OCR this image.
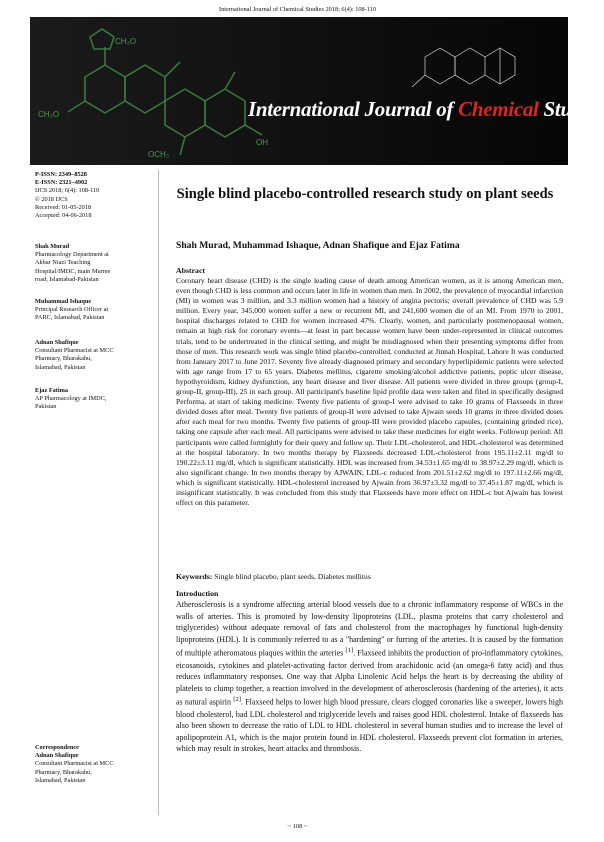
International Journal of Chemical Studies 2018; 6(4): 108-110
CH₃O
CH₃O
OCH₃
OH
International Journal of Chemical Studies
P-ISSN: 2349–8528
E-ISSN: 2321–4902
IJCS 2018; 6(4): 108-110
© 2018 IJCS
Received: 01-05-2018
Accepted: 04-06-2018
Shah Murad
Pharmacology Department at
Akbar Niazi Teaching
Hospital/IMDC, main Murree
road, Islamabad-Pakistan
Muhammad Ishaque
Principal Research Officer at
PARC, Islamabad, Pakistan
Adnan Shafique
Consultant Pharmacist at MCC
Pharmacy, Bharakahu,
Islamabad, Pakistan
Ejaz Fatima
AP Pharmacology at IMDC,
Pakistan
Correspondence
Adnan Shafique
Consultant Pharmacist at MCC
Pharmacy, Bharakahu,
Islamabad, Pakistan
Single blind placebo-controlled research study on plant seeds
Shah Murad, Muhammad Ishaque, Adnan Shafique and Ejaz Fatima
Abstract
Coronary heart disease (CHD) is the single leading cause of death among American women, as it is among American men, even though CHD is less common and occurs later in life in women than men. In 2002, the prevalence of myocardial infarction (MI) in women was 3 million, and 3.3 million women had a history of angina pectoris; overall prevalence of CHD was 5.9 million. Every year, 345,000 women suffer a new or recurrent MI, and 241,600 women die of an MI. From 1970 to 2001, hospital discharges related to CHD for women increased 47%. Clearly, women, and particularly postmenopausal women, remain at high risk for coronary events—at least in part because women have been under-represented in clinical outcomes trials, tend to be undertreated in the clinical setting, and might be misdiagnosed when their presenting symptoms differ from those of men. This research work was single blind placebo-controlled, conducted at Jinnah Hospital, Lahore It was conducted from January 2017 to June 2017. Seventy five already diagnosed primary and secondary hyperlipidemic patients were selected with age range from 17 to 65 years. Diabetes mellitus, cigarette smoking/alcohol addictive patients, peptic ulcer disease, hypothyroidism, kidney dysfunction, any heart disease and liver disease. All patients were divided in three groups (group-I, group-II, group-III), 25 in each group. All participant's baseline lipid profile data were taken and filed in specifically designed Performa, at start of taking medicine. Twenty five patients of group-I were advised to take 10 grams of Flaxseeds in three divided doses after meal. Twenty five patients of group-II were advised to take Ajwain seeds 10 grams in three divided doses after each meal for two months. Twenty five patients of group-III were provided placebo capsules, (containing grinded rice), taking one capsule after each meal. All participants were advised to take these medicines for eight weeks. Followup period: All participants were called fortnightly for their query and follow up. Their LDL-cholesterol, and HDL-cholesterol was determined at the hospital laboratory. In two months therapy by Flaxseeds decreased LDL-cholesterol from 195.11±2.11 mg/dl to 190.22±3.11 mg/dl, which is significant statistically. HDL was increased from 34.53±1.65 mg/dl to 38.97±2.29 mg/dl, which is also significant change. In two months therapy by AJWAIN, LDL-c reduced from 201.51±2.62 mg/dl to 197.11±2.66 mg/dl, which is significant statistically. HDL-cholesterol increased by Ajwain from 36.97±3.32 mg/dl to 37.45±1.87 mg/dl, which is insignificant statistically. It was concluded from this study that Flaxseeds have more effect on HDL-c but Ajwain has lowest effect on this parameter.
Keywords: Single blind placebo, plant seeds, Diabetes mellitus
Introduction
Atherosclerosis is a syndrome affecting arterial blood vessels due to a chronic inflammatory response of WBCs in the walls of arteries. This is promoted by low-density lipoproteins (LDL, plasma proteins that carry cholesterol and triglycerides) without adequate removal of fats and cholesterol from the macrophages by functional high-density lipoproteins (HDL). It is commonly referred to as a "hardening" or furring of the arteries. It is caused by the formation of multiple atheromatous plaques within the arteries [1]. Flaxseed inhibits the production of pro-inflammatory cytokines, eicosanoids, cytokines and platelet-activating factor derived from arachidonic acid (an omega-6 fatty acid) and thus reduces inflammatory responses. One way that Alpha Linolenic Acid helps the heart is by decreasing the ability of platelets to clump together, a reaction involved in the development of atherosclerosis (hardening of the arteries), it acts as natural aspirin [2]. Flaxseed helps to lower high blood pressure, clears clogged coronaries like a sweeper, lowers high blood cholesterol, bad LDL cholesterol and triglyceride levels and raises good HDL cholesterol. Intake of flaxseeds has also been shown to decrease the ratio of LDL to HDL cholesterol in several human studies and to increase the level of apolipoprotein A1, which is the major protein found in HDL cholesterol. Flaxseeds prevent clot formation in arteries, which may result in strokes, heart attacks and thrombosis.
~ 108 ~
